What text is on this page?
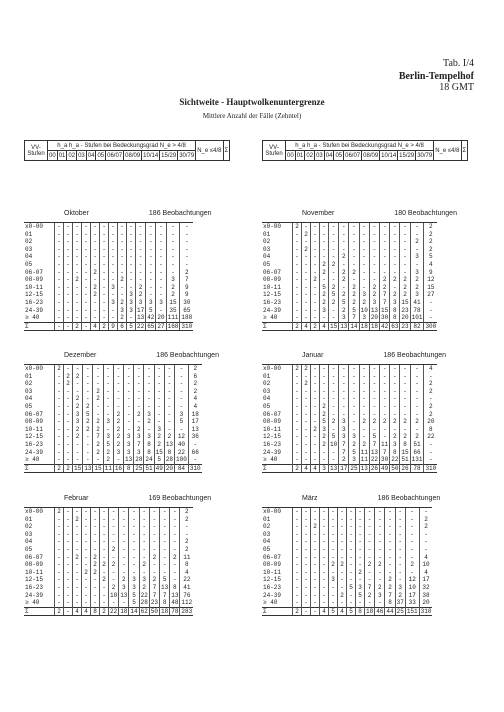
Tab. I/4
Berlin-Tempelhof
18 GMT
Sichtweite - Hauptwolkenuntergrenze
Mittlere Anzahl der Fälle (Zehntel)
VV- Stufen	h_a h_a - Stufen bei Bedeckungsgrad N_e > 4/8											N_e ≤4/8	Σ
	00	01	02	03	04	05	06/07	08/09	10/14	15/29	30/79		
VV- Stufen	h_a h_a - Stufen bei Bedeckungsgrad N_e > 4/8											N_e ≤4/8	Σ
	00	01	02	03	04	05	06/07	08/09	10/14	15/29	30/79		
Oktober	186 Beobachtungen
x0-00	-	-	-	-	-	-	-	-	-	-	-	-	-	-
01	-	-	-	-	-	-	-	-	-	-	-	-	-	-
02	-	-	-	-	-	-	-	-	-	-	-	-	-	-
03	-	-	-	-	-	-	-	-	-	-	-	-	-	-
04	-	-	-	-	-	-	-	-	-	-	-	-	-	-
05	-	-	-	-	-	-	-	-	-	-	-	-	-	-
06-07	-	-	-	-	2	-	-	-	-	-	-	-	-	2
08-09	-	-	2	-	-	-	-	2	-	-	-	-	3	7
10-11	-	-	-	-	2	-	3	-	-	2	-	-	2	9
12-15	-	-	-	-	2	-	-	-	3	2	-	-	2	9
16-23	-	-	-	-	-	-	3	2	3	3	3	3	15	30
24-39	-	-	-	-	-	-	-	3	3	17	5	-	35	65
≥ 40	-	-	-	-	-	-	-	2	-	13	42	20	111	188
Σ	-	-	2	-	4	2	9	6	5	22	65	27	168	310
November	180 Beobachtungen
x0-00	2	-	-	-	-	-	-	-	-	-	-	-	-	2
01	-	2	-	-	-	-	-	-	-	-	-	-	-	2
02	-	-	-	-	-	-	-	-	-	-	-	-	2	2
03	-	2	-	-	-	-	-	-	-	-	-	-	-	2
04	-	-	-	-	-	2	-	-	-	-	-	-	3	5
05	-	-	-	2	2	-	-	-	-	-	-	-	-	4
06-07	-	-	-	2	-	2	2	-	-	-	-	-	3	9
08-09	-	-	2	-	-	2	-	-	-	2	2	2	2	12
10-11	-	-	-	5	2	-	2	-	2	2	-	2	2	15
12-15	-	-	-	2	5	2	2	3	2	7	2	2	3	27
16-23	-	-	-	2	2	5	2	2	3	7	3	15	41	-
24-39	-	-	-	3	-	2	5	10	13	15	8	23	78	-
≥ 40	-	-	-	-	-	3	7	3	20	30	8	20	101	-
Σ	2	4	2	4	15	13	14	18	18	42	63	23	82	300
Dezember	186 Beobachtungen
x0-00	2	-	-	-	-	-	-	-	-	-	-	-	-	2
01	-	2	2	-	-	-	-	-	-	-	-	-	-	6
02	-	2	-	-	-	-	-	-	-	-	-	-	-	2
03	-	-	-	-	2	-	-	-	-	-	-	-	-	2
04	-	-	2	-	2	-	-	-	-	-	-	-	-	4
05	-	-	2	2	-	-	-	-	-	-	-	-	-	4
06-07	-	-	3	5	-	-	2	-	2	3	-	-	3	18
08-09	-	-	3	2	2	3	2	-	-	2	-	-	5	17
10-11	-	-	2	2	2	-	2	-	2	-	3	-	-	13
12-15	-	-	2	-	7	3	2	3	3	3	2	2	12	36
16-23	-	-	-	-	2	5	2	3	7	8	2	13	40	-
24-39	-	-	-	-	2	2	3	3	3	8	15	8	22	66
≥ 40	-	-	-	-	-	2	-	13	28	24	5	28	100	-
Σ	2	2	15	13	15	11	16	8	25	51	49	20	84	310
Januar	186 Beobachtungen
x0-00	2	2	-	-	-	-	-	-	-	-	-	-	-	4
01	-	-	-	-	-	-	-	-	-	-	-	-	-	-
02	-	2	-	-	-	-	-	-	-	-	-	-	-	2
03	-	-	-	-	-	-	-	-	-	-	-	-	-	2
04	-	-	-	-	-	-	-	-	-	-	-	-	-	-
05	-	-	-	2	-	-	-	-	-	-	-	-	-	2
06-07	-	-	-	2	-	-	-	-	-	-	-	-	-	2
08-09	-	-	-	5	2	3	-	2	2	2	2	2	2	20
10-11	-	-	2	3	-	3	-	-	-	-	-	-	-	8
12-15	-	-	-	2	5	3	3	-	5	-	2	2	2	22
16-23	-	-	-	2	10	7	2	2	7	11	3	8	51	-
24-39	-	-	-	-	-	7	5	11	13	7	8	15	66	-
≥ 40	-	-	-	-	-	2	3	11	22	30	22	51	131	-
Σ	2	4	4	3	13	17	25	13	26	49	50	26	78	310
Februar	169 Beobachtungen
x0-00	2	-	-	-	-	-	-	-	-	-	-	-	-	2
01	-	-	2	-	-	-	-	-	-	-	-	-	-	2
02	-	-	-	-	-	-	-	-	-	-	-	-	-	-
03	-	-	-	-	-	-	-	-	-	-	-	-	-	-
04	-	-	-	-	-	-	-	-	-	-	-	-	-	2
05	-	-	-	-	-	-	2	-	-	-	-	-	-	2
06-07	-	-	2	-	2	-	-	-	-	-	2	-	2	11
08-09	-	-	-	-	2	2	2	-	-	2	-	-	-	8
10-11	-	-	-	2	2	-	-	-	-	-	-	-	-	4
12-15	-	-	-	-	-	2	-	2	3	3	2	5	-	22
16-23	-	-	-	-	-	-	2	3	3	2	7	13	8	41
24-39	-	-	-	-	-	-	10	13	5	22	7	7	13	76
≥ 40	-	-	-	-	-	-	-	-	5	28	23	8	48	112
Σ	2	-	4	4	8	2	22	18	14	62	50	18	78	283
März	186 Beobachtungen
x0-00	-	-	-	-	-	-	-	-	-	-	-	-	-	-
01	-	-	-	-	-	-	-	-	-	-	-	-	-	2
02	-	-	2	-	-	-	-	-	-	-	-	-	-	2
03	-	-	-	-	-	-	-	-	-	-	-	-	-	-
04	-	-	-	-	-	-	-	-	-	-	-	-	-	-
05	-	-	-	-	-	-	-	-	-	-	-	-	-	-
06-07	-	-	-	-	-	-	-	-	-	-	-	-	-	4
08-09	-	-	-	-	2	2	-	-	2	2	-	-	2	10
10-11	-	-	-	-	-	-	-	2	-	-	-	-	-	4
12-15	-	-	-	-	3	-	-	-	-	-	2	-	12	17
16-23	-	-	-	-	-	-	5	3	7	2	2	3	10	32
24-39	-	-	-	-	-	2	-	5	2	3	7	2	17	38
≥ 40	-	-	-	-	-	-	-	-	-	-	8	37	33	20
Σ	2	-	-	4	5	4	5	8	18	46	44	25	151	310
